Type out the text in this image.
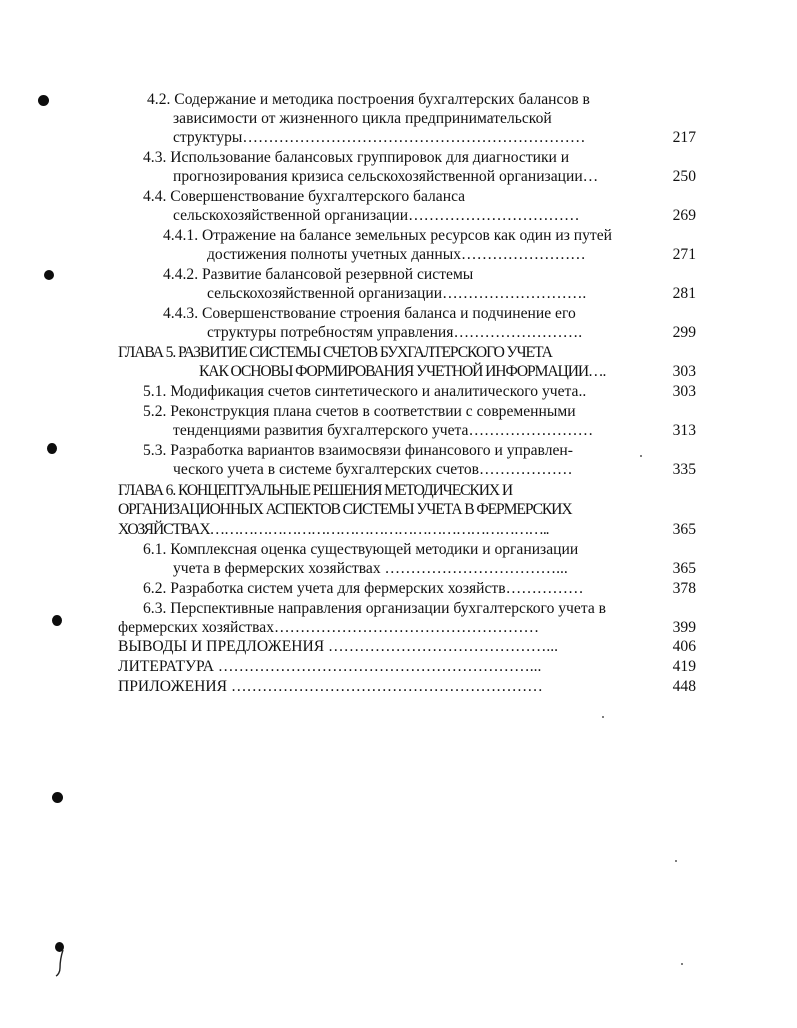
4.2. Содержание и методика построения бухгалтерских балансов в
зависимости от жизненного цикла предпринимательской
структуры…………………………………………………………	217
4.3. Использование балансовых группировок для диагностики и
прогнозирования кризиса сельскохозяйственной организации…	250
4.4. Совершенствование бухгалтерского баланса
сельскохозяйственной организации……………………………	269
4.4.1. Отражение на балансе земельных ресурсов как один из путей
достижения полноты учетных данных……………………	271
4.4.2. Развитие балансовой резервной системы
сельскохозяйственной организации……………………….	281
4.4.3. Совершенствование строения баланса и подчинение его
структуры потребностям управления…………………….	299
ГЛАВА 5. РАЗВИТИЕ СИСТЕМЫ СЧЕТОВ БУХГАЛТЕРСКОГО УЧЕТА
КАК ОСНОВЫ ФОРМИРОВАНИЯ УЧЕТНОЙ ИНФОРМАЦИИ….	303
5.1. Модификация счетов синтетического и аналитического учета..	303
5.2. Реконструкция плана счетов в соответствии с современными
тенденциями развития бухгалтерского учета……………………	313
5.3. Разработка вариантов взаимосвязи финансового и управлен-
ческого учета в системе бухгалтерских счетов………………	335
ГЛАВА 6. КОНЦЕПТУАЛЬНЫЕ РЕШЕНИЯ МЕТОДИЧЕСКИХ И
ОРГАНИЗАЦИОННЫХ АСПЕКТОВ СИСТЕМЫ УЧЕТА В ФЕРМЕРСКИХ
ХОЗЯЙСТВАХ……………………………………………………………..	365
6.1. Комплексная оценка существующей методики и организации
учета в фермерских хозяйствах ……………………………...	365
6.2. Разработка систем учета для фермерских хозяйств……………	378
6.3. Перспективные направления организации бухгалтерского учета в
фермерских хозяйствах……………………………………………	399
ВЫВОДЫ И ПРЕДЛОЖЕНИЯ ……………………………………...	406
ЛИТЕРАТУРА ……………………………………………………...	419
ПРИЛОЖЕНИЯ ……………………………………………………	448
